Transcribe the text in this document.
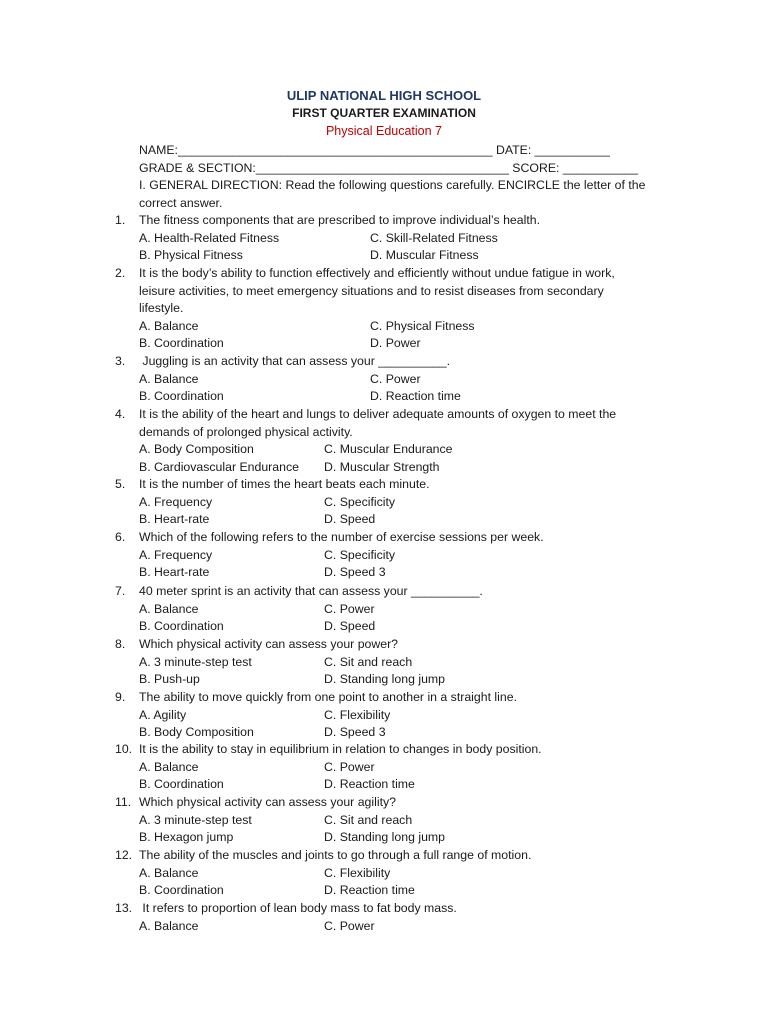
ULIP NATIONAL HIGH SCHOOL
FIRST QUARTER EXAMINATION
Physical Education 7
NAME:______________________________________________ DATE: ___________
GRADE & SECTION:_____________________________________ SCORE: ___________
I. GENERAL DIRECTION: Read the following questions carefully. ENCIRCLE the letter of the
correct answer.
1.	The fitness components that are prescribed to improve individual’s health.
A. Health-Related Fitness	C. Skill-Related Fitness
B. Physical Fitness	D. Muscular Fitness
2.	It is the body’s ability to function effectively and efficiently without undue fatigue in work,
leisure activities, to meet emergency situations and to resist diseases from secondary
lifestyle.
A. Balance	C. Physical Fitness
B. Coordination	D. Power
3.	Juggling is an activity that can assess your __________.
A. Balance	C. Power
B. Coordination	D. Reaction time
4.	It is the ability of the heart and lungs to deliver adequate amounts of oxygen to meet the
demands of prolonged physical activity.
A. Body Composition	C. Muscular Endurance
B. Cardiovascular Endurance D. Muscular Strength
5.	It is the number of times the heart beats each minute.
A. Frequency	C. Specificity
B. Heart-rate	D. Speed
6.	Which of the following refers to the number of exercise sessions per week.
A. Frequency	C. Specificity
B. Heart-rate	D. Speed 3
7.	40 meter sprint is an activity that can assess your __________.
A. Balance	C. Power
B. Coordination	D. Speed
8.	Which physical activity can assess your power?
A. 3 minute-step test	C. Sit and reach
B. Push-up	D. Standing long jump
9.	The ability to move quickly from one point to another in a straight line.
A. Agility	C. Flexibility
B. Body Composition	D. Speed 3
10. It is the ability to stay in equilibrium in relation to changes in body position.
A. Balance	C. Power
B. Coordination	D. Reaction time
11. Which physical activity can assess your agility?
A. 3 minute-step test	C. Sit and reach
B. Hexagon jump	D. Standing long jump
12. The ability of the muscles and joints to go through a full range of motion.
A. Balance	C. Flexibility
B. Coordination	D. Reaction time
13. It refers to proportion of lean body mass to fat body mass.
A. Balance	C. Power
